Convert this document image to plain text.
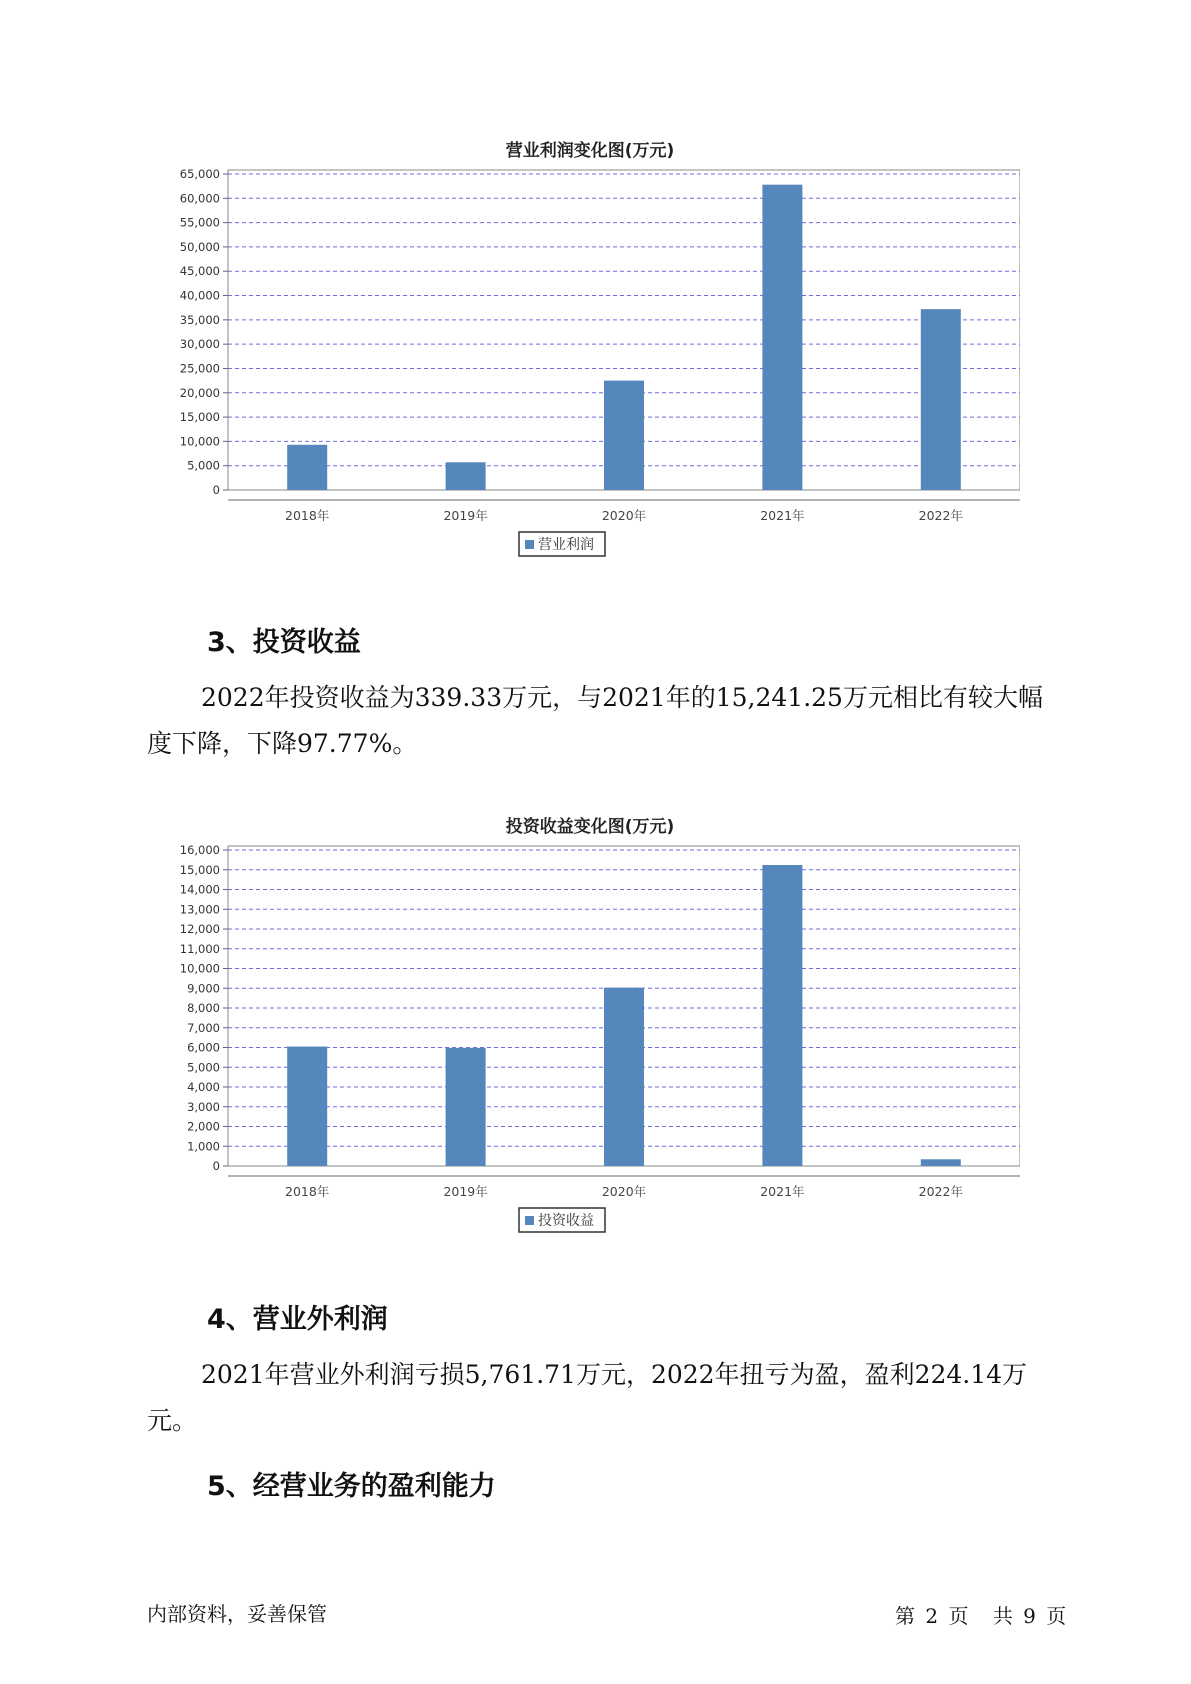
营业利润变化图(万元)
0
5,000
10,000
15,000
20,000
25,000
30,000
35,000
40,000
45,000
50,000
55,000
60,000
65,000
2018年	2019年	2020年	2021年	2022年
营业利润
3、投资收益

2022年投资收益为339.33万元，与2021年的15,241.25万元相比有较大幅度下降，下降97.77%。

投资收益变化图(万元)
0
1,000
2,000
3,000
4,000
5,000
6,000
7,000
8,000
9,000
10,000
11,000
12,000
13,000
14,000
15,000
16,000
2018年	2019年	2020年	2021年	2022年
投资收益
4、营业外利润

2021年营业外利润亏损5,761.71万元，2022年扭亏为盈，盈利224.14万元。

5、经营业务的盈利能力
内部资料，妥善保管	第 2 页 共 9 页
